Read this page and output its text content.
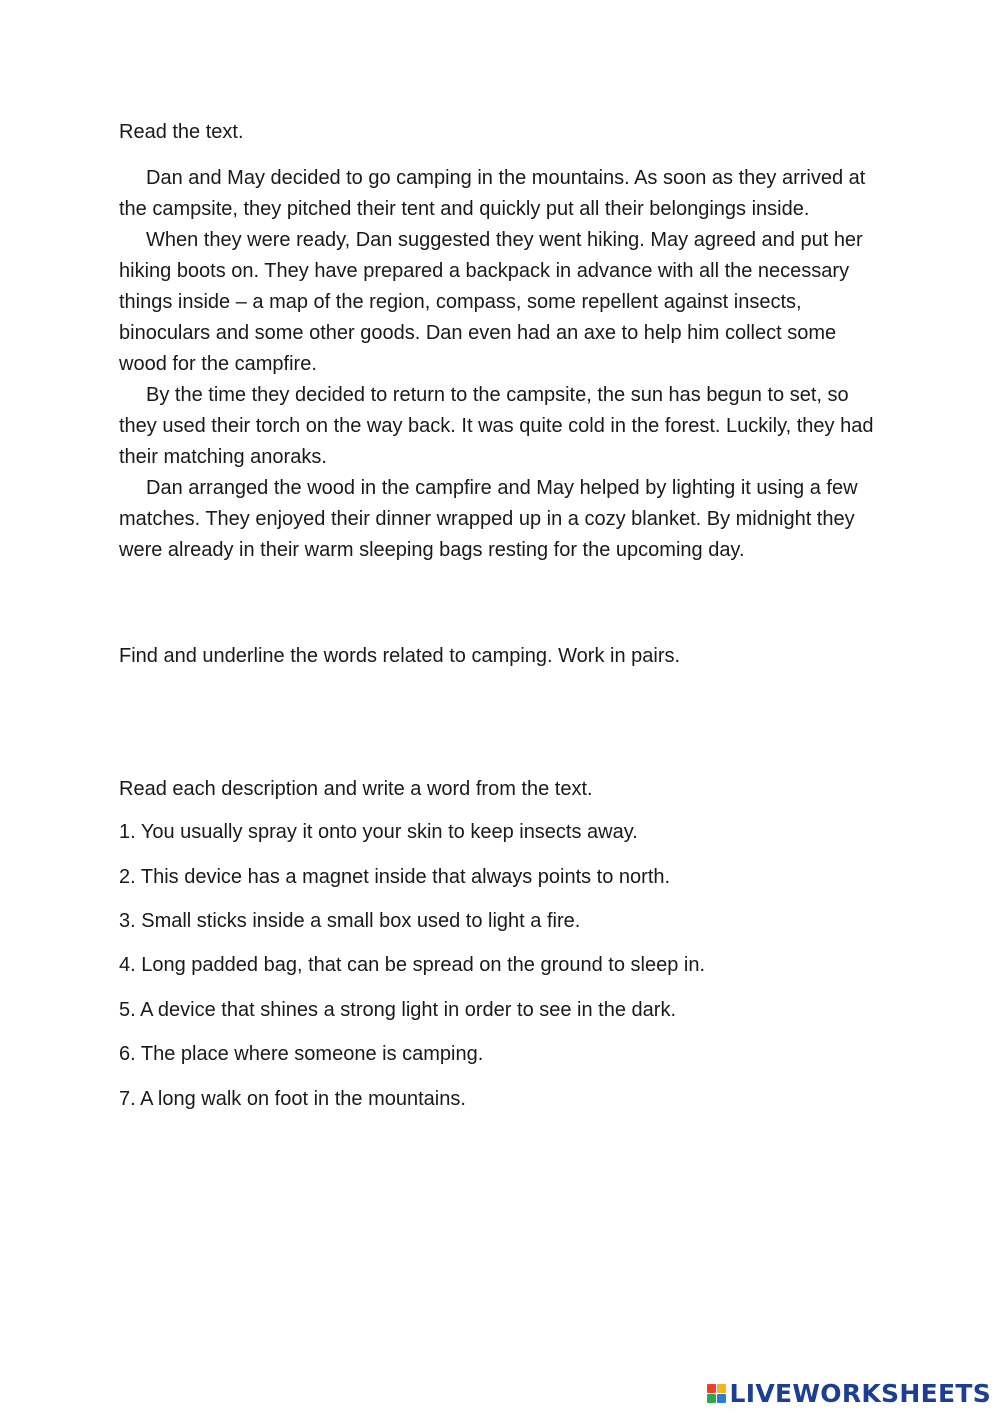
Read the text.

Dan and May decided to go camping in the mountains. As soon as they arrived at the campsite, they pitched their tent and quickly put all their belongings inside.

When they were ready, Dan suggested they went hiking. May agreed and put her hiking boots on. They have prepared a backpack in advance with all the necessary things inside – a map of the region, compass, some repellent against insects, binoculars and some other goods. Dan even had an axe to help him collect some wood for the campfire.

By the time they decided to return to the campsite, the sun has begun to set, so they used their torch on the way back. It was quite cold in the forest. Luckily, they had their matching anoraks.

Dan arranged the wood in the campfire and May helped by lighting it using a few matches. They enjoyed their dinner wrapped up in a cozy blanket. By midnight they were already in their warm sleeping bags resting for the upcoming day.

Find and underline the words related to camping. Work in pairs.
Read each description and write a word from the text.
1. You usually spray it onto your skin to keep insects away.
2. This device has a magnet inside that always points to north.
3. Small sticks inside a small box used to light a fire.
4. Long padded bag, that can be spread on the ground to sleep in.
5. A device that shines a strong light in order to see in the dark.
6. The place where someone is camping.
7. A long walk on foot in the mountains.
LIVEWORKSHEETS
